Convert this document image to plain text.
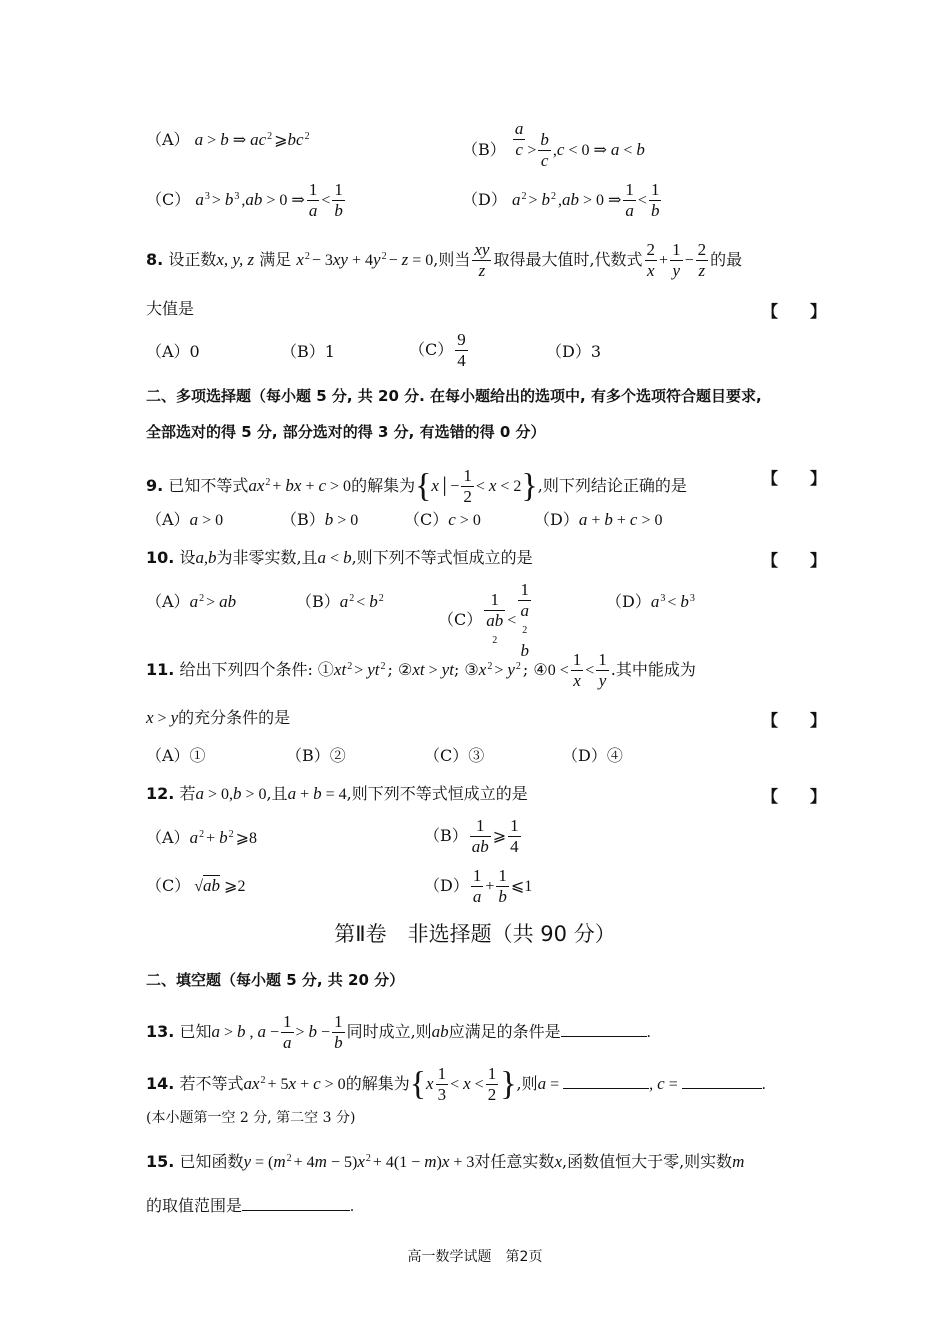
（A） a > b ⇒ $ac^2$ $⩾bc^2$
$(B) \frac{a}{c} > \frac{b}{c} ,c < 0$ ⇒ a < b
（C） $a^3 > b^3$ ,ab > 0 ⇒ $\frac{1}{a} < \frac{1}{b}$	（D） $a^2 > b^2$ ,ab > 0 ⇒ $\frac{1}{a} < \frac{1}{b}$
8. 设正数x, y, z 满足 $x^2 - 3xy + 4y^2 - z = 0$,则当 $\frac{xy}{z}$ 取得最大值时,代数式 $\frac{2}{x} + \frac{1}{y} - \frac{2}{z}$ 的最
大值是	【　　】
（A）0	（B）1	$(C) \frac{9}{4}$	（D）3
二、多项选择题（每小题 5 分, 共 20 分. 在每小题给出的选项中, 有多个选项符合题目要求,
全部选对的得 5 分, 部分选对的得 3 分, 有选错的得 0 分）
9. 已知不等式$ax^2$ + bx + c > 0的解集为{x│− $\frac{1}{2} < x < 2$},则下列结论正确的是	【　　】
（A）a > 0	（B）b > 0	（C）c > 0	（D）a + b + c > 0
10. 设a,b为非零实数,且a < b,则下列不等式恒成立的是	【　　】
$(A)a^2$ > ab	$(B)a^2 < b^2$
（C） 1
ab
2 < 1
a
2
b	$(D)a^3 < b^3$
11. 给出下列四个条件: $①xt^2 > yt^2$ ; ②xt > yt; $③x^2 > y^2$ ; ④0 < $\frac{1}{x} < \frac{1}{y}$ .其中能成为
x > y的充分条件的是	【　　】
（A）①	（B）②	（C）③	（D）④
12. 若a > 0,b > 0,且a + b = 4,则下列不等式恒成立的是	【　　】
$(A)a^2 + b^2$ ⩾8	$(B) \frac{1}{ab}$ ⩾ $\frac{1}{4}$
（C） √ab ⩾2	$(D) \frac{1}{a} + \frac{1}{b}$ ⩽1
第Ⅱ卷　非选择题（共 90 分）
二、填空题（每小题 5 分, 共 20 分）
13. 已知a > b , $a - \frac{1}{a} > b - \frac{1}{b}$ 同时成立,则ab应满足的条件是	.
14. 若不等式$ax^2 + 5x + c > 0$的解集为{$x \frac{1}{3} < x < \frac{1}{2}$ },则a =	, c =	.
(本小题第一空 2 分, 第二空 3 分)
15. 已知函数$y = (m^2 + 4m - 5)x^2 + 4(1 - m)x + 3$对任意实数x,函数值恒大于零,则实数m
的取值范围是	.
高一数学试题　第2页
